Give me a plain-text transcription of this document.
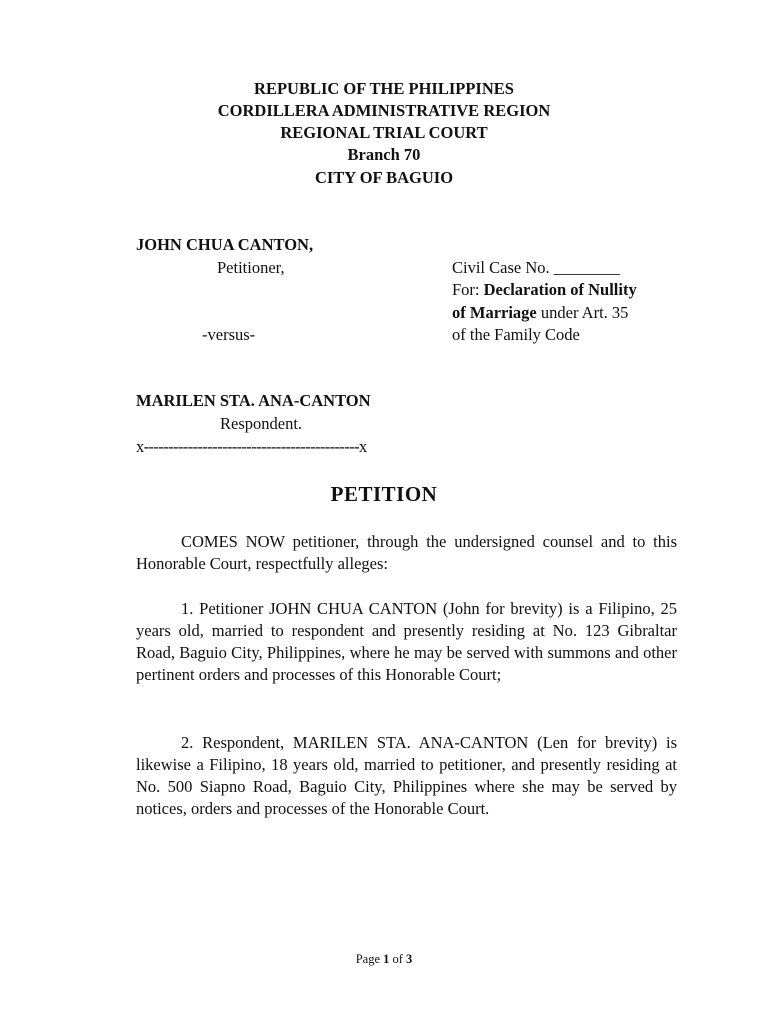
REPUBLIC OF THE PHILIPPINES
CORDILLERA ADMINISTRATIVE REGION
REGIONAL TRIAL COURT
Branch 70
CITY OF BAGUIO
JOHN CHUA CANTON,
Petitioner,
-versus-
MARILEN STA. ANA-CANTON
Respondent.
x--------------------------------------------x
Civil Case No. ________
For: Declaration of Nullity
of Marriage under Art. 35
of the Family Code
PETITION
COMES NOW petitioner, through the undersigned counsel and to this Honorable Court, respectfully alleges:
1. Petitioner JOHN CHUA CANTON (John for brevity) is a Filipino, 25 years old, married to respondent and presently residing at No. 123 Gibraltar Road, Baguio City, Philippines, where he may be served with summons and other pertinent orders and processes of this Honorable Court;
2. Respondent, MARILEN STA. ANA-CANTON (Len for brevity) is likewise a Filipino, 18 years old, married to petitioner, and presently residing at No. 500 Siapno Road, Baguio City, Philippines where she may be served by notices, orders and processes of the Honorable Court.
Page 1 of 3
